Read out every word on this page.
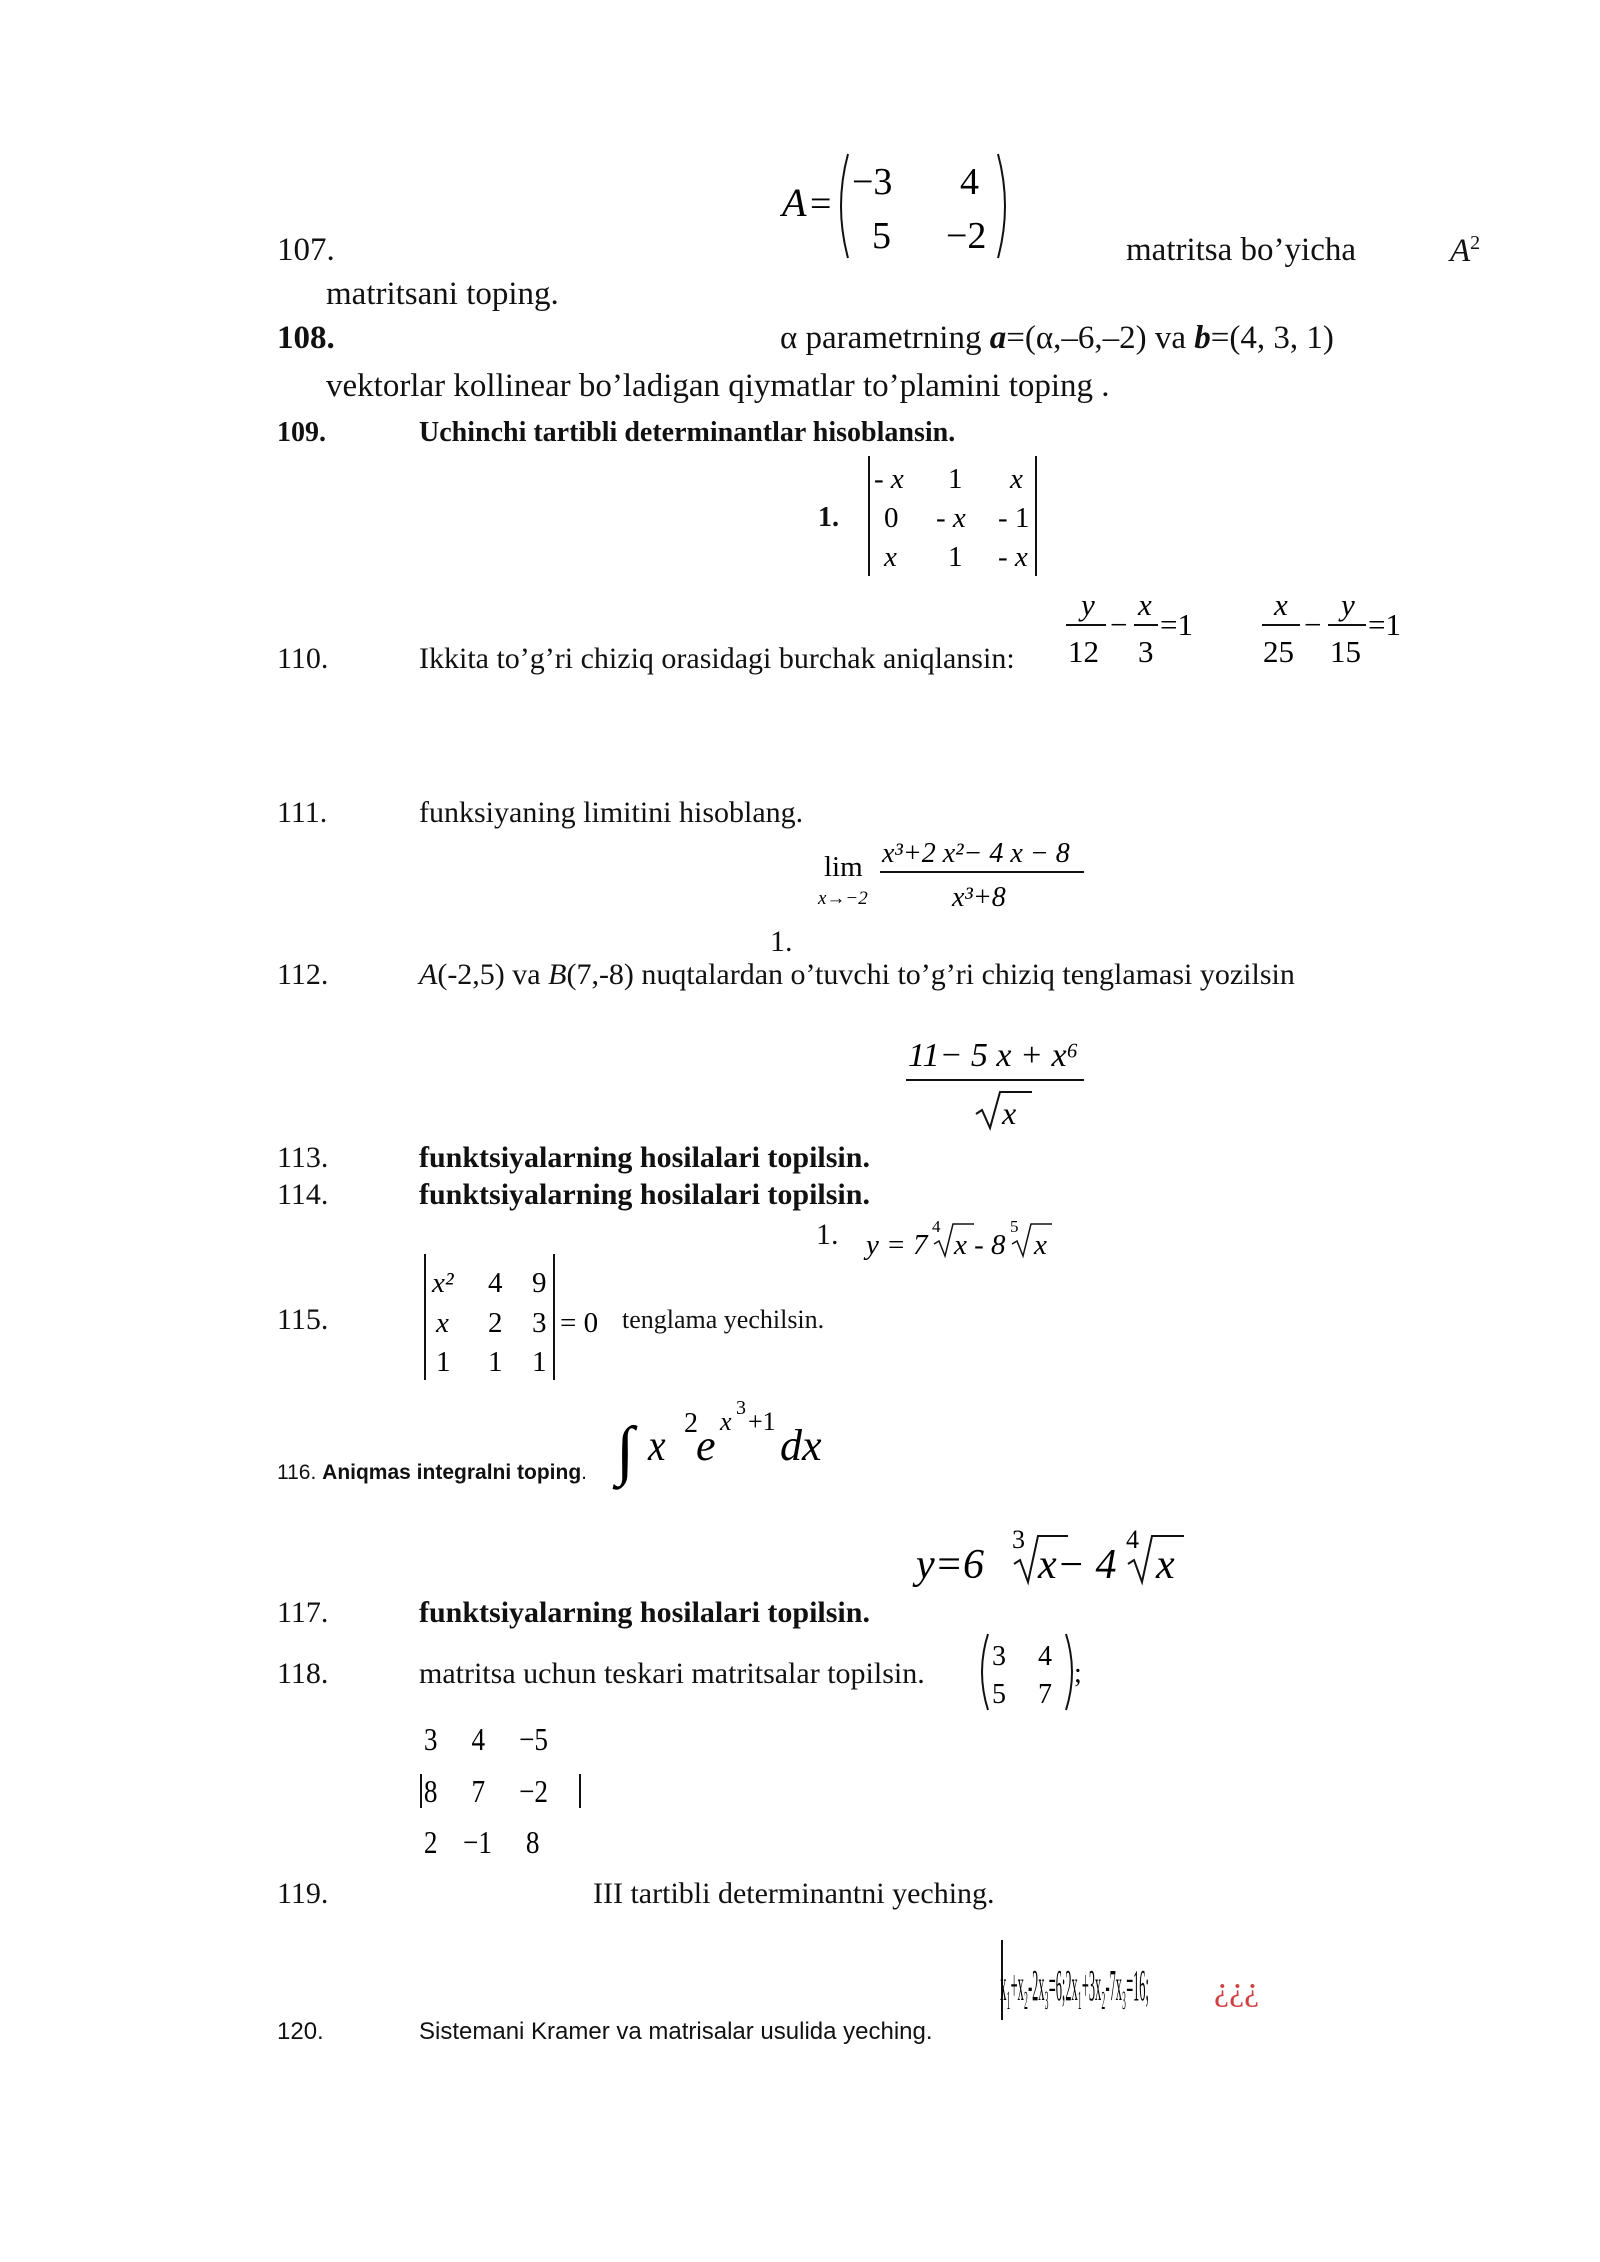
A =
−3 4
5 −2
107.	matritsa bo’yicha	$A^2$
matritsani toping.
108.	α parametrning a=(α,–6,–2) va b=(4, 3, 1)
vektorlar kollinear bo’ladigan qiymatlar to’plamini toping .
109.	Uchinchi tartibli determinantlar hisoblansin.
1.
- x 1 x
0 - x - 1
x 1 - x
110.	Ikkita to’g’ri chiziq orasidagi burchak aniqlansin:
y
12
−
x
3
=1
x
25
−
y
15
=1
111.	funksiyaning limitini hisoblang.
lim
x→−2
x³+2 x²− 4 x − 8
x³+8
1.
112.	A(-2,5) va B(7,-8) nuqtalardan o’tuvchi to’g’ri chiziq tenglamasi yozilsin
11− 5 x + x⁶
x
113.	funktsiyalarning hosilalari topilsin.
114.	funktsiyalarning hosilalari topilsin.
1. y = 7
4
x - 8
5
x
115.
x² 4 9
x 2 3
1 1 1
= 0 tenglama yechilsin.
116. Aniqmas integralni toping. ∫ x 2
e x 3 +1 dx
y=6
3
x− 4
4
x
117.	funktsiyalarning hosilalari topilsin.
118.	matritsa uchun teskari matritsalar topilsin.
3 4
5 7
;
3 4 −5
8 7 −2
2 −1 8
119.	III tartibli determinantni yeching.
x₁+x₂-2x₃=6;2x₁+3x₂-7x₃=16; ¿¿¿
120.	Sistemani Kramer va matrisalar usulida yeching.
